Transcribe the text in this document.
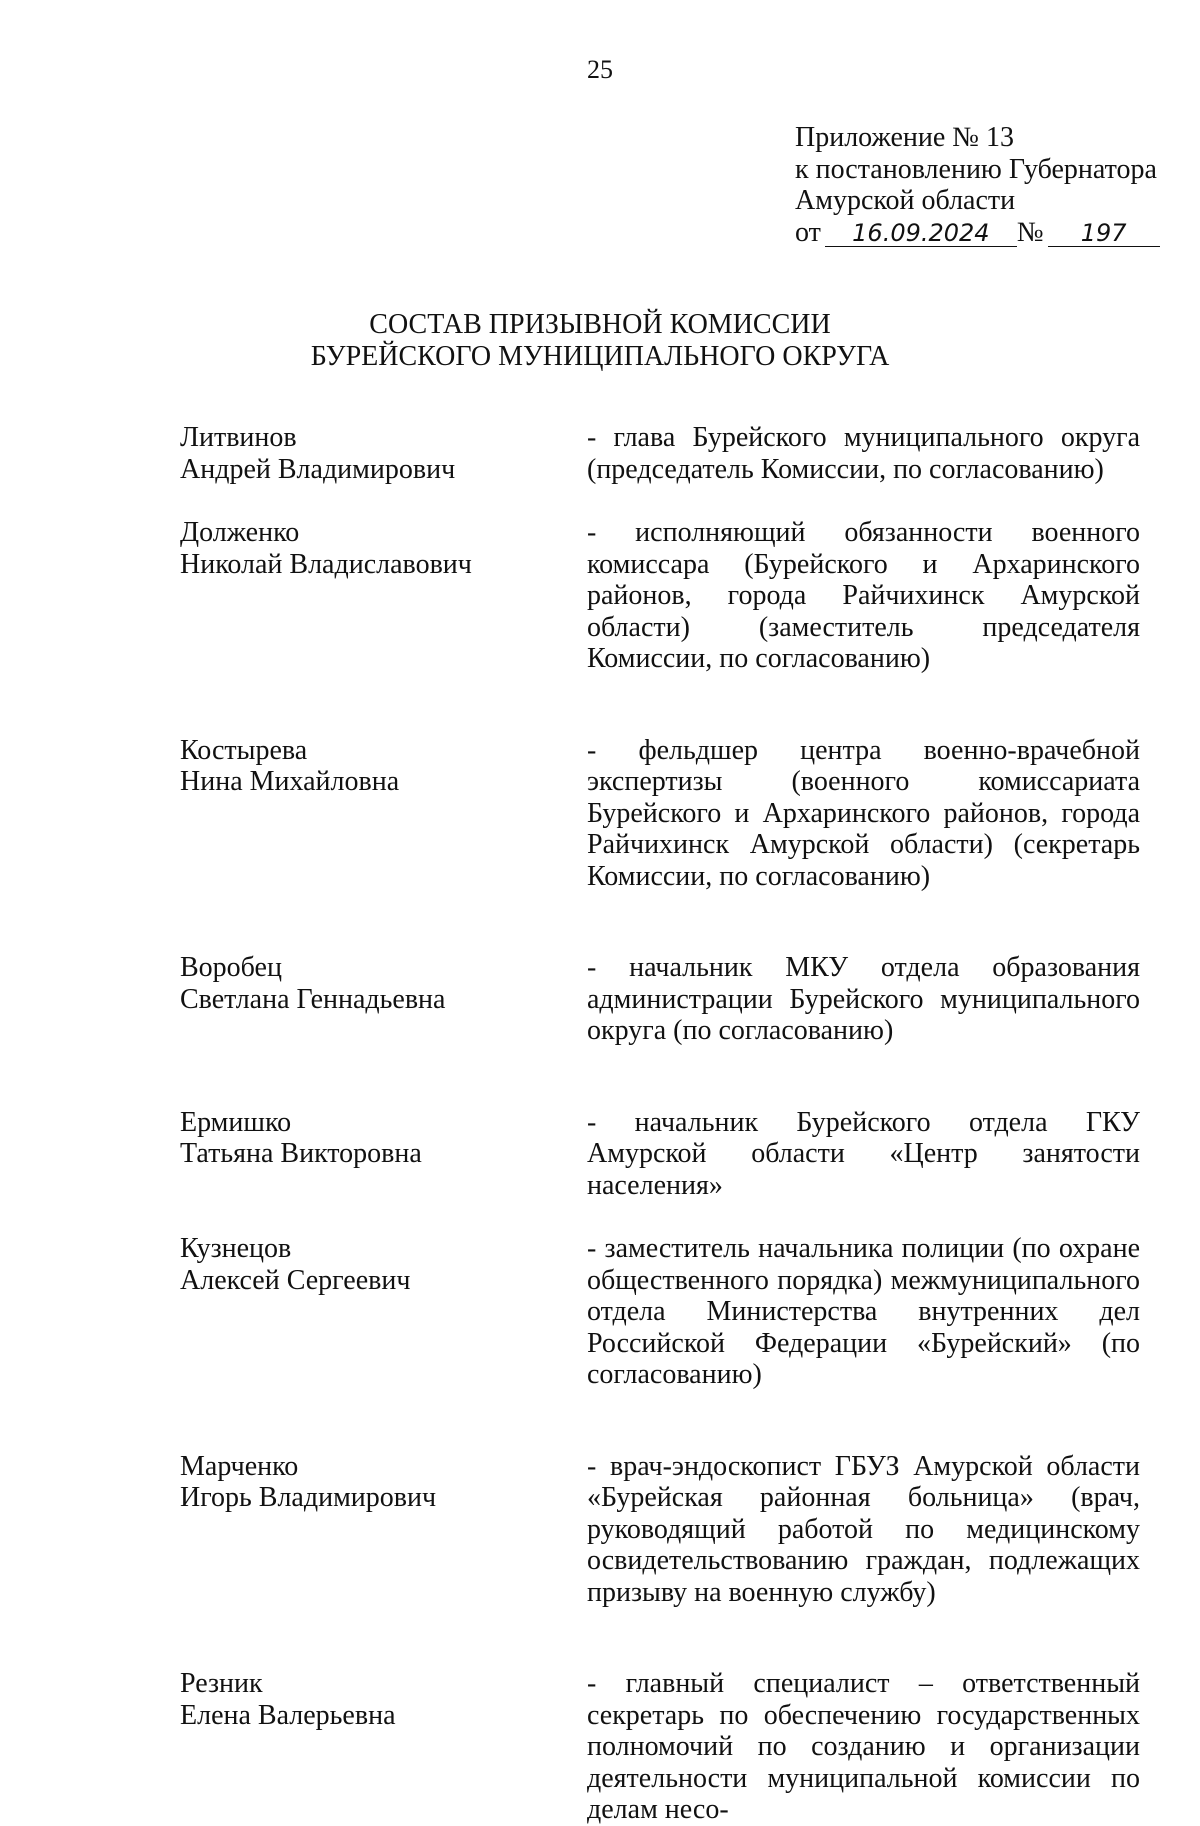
25
Приложение № 13
к постановлению Губернатора
Амурской области
от 16.09.2024 № 197
СОСТАВ ПРИЗЫВНОЙ КОМИССИИ
БУРЕЙСКОГО МУНИЦИПАЛЬНОГО ОКРУГА
Литвинов
Андрей Владимирович
- глава Бурейского муниципального округа (председатель Комиссии, по согласованию)
Долженко
Николай Владиславович
- исполняющий обязанности военного комиссара (Бурейского и Архаринского районов, города Райчихинск Амурской области) (заместитель председателя Комиссии, по согласованию)
Костырева
Нина Михайловна
- фельдшер центра военно-врачебной экспертизы (военного комиссариата Бурейского и Архаринского районов, города Райчихинск Амурской области) (секретарь Комиссии, по согласованию)
Воробец
Светлана Геннадьевна
- начальник МКУ отдела образования администрации Бурейского муниципального округа (по согласованию)
Ермишко
Татьяна Викторовна
- начальник Бурейского отдела ГКУ Амурской области «Центр занятости населения»
Кузнецов
Алексей Сергеевич
- заместитель начальника полиции (по охране общественного порядка) межмуниципального отдела Министерства внутренних дел Российской Федерации «Бурейский» (по согласованию)
Марченко
Игорь Владимирович
- врач-эндоскопист ГБУЗ Амурской области «Бурейская районная больница» (врач, руководящий работой по медицинскому освидетельствованию граждан, подлежащих призыву на военную службу)
Резник
Елена Валерьевна
- главный специалист – ответственный секретарь по обеспечению государственных полномочий по созданию и организации деятельности муниципальной комиссии по делам несо-
